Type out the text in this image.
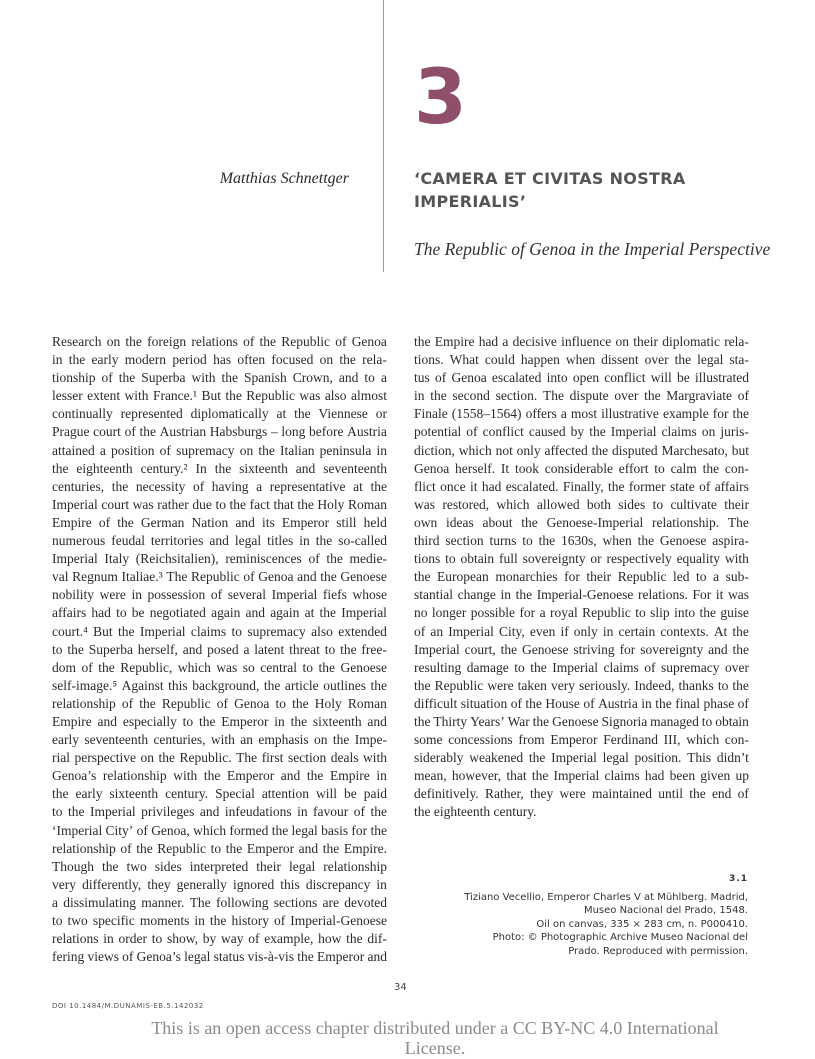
3
Matthias Schnettger	‘CAMERA ET CIVITAS NOSTRA IMPERIALIS’
The Republic of Genoa in the Imperial Perspective
Research on the foreign relations of the Republic of Genoa
in the early modern period has often focused on the rela-
tionship of the Superba with the Spanish Crown, and to a
lesser extent with France.¹ But the Republic was also almost
continually represented diplomatically at the Viennese or
Prague court of the Austrian Habsburgs – long before Austria
attained a position of supremacy on the Italian peninsula in
the eighteenth century.² In the sixteenth and seventeenth
centuries, the necessity of having a representative at the
Imperial court was rather due to the fact that the Holy Roman
Empire of the German Nation and its Emperor still held
numerous feudal territories and legal titles in the so-called
Imperial Italy (Reichsitalien), reminiscences of the medie-
val Regnum Italiae.³ The Republic of Genoa and the Genoese
nobility were in possession of several Imperial fiefs whose
affairs had to be negotiated again and again at the Imperial
court.⁴ But the Imperial claims to supremacy also extended
to the Superba herself, and posed a latent threat to the free-
dom of the Republic, which was so central to the Genoese
self-image.⁵ Against this background, the article outlines the
relationship of the Republic of Genoa to the Holy Roman
Empire and especially to the Emperor in the sixteenth and
early seventeenth centuries, with an emphasis on the Impe-
rial perspective on the Republic. The first section deals with
Genoa’s relationship with the Emperor and the Empire in
the early sixteenth century. Special attention will be paid
to the Imperial privileges and infeudations in favour of the
‘Imperial City’ of Genoa, which formed the legal basis for the
relationship of the Republic to the Emperor and the Empire.
Though the two sides interpreted their legal relationship
very differently, they generally ignored this discrepancy in
a dissimulating manner. The following sections are devoted
to two specific moments in the history of Imperial-Genoese
relations in order to show, by way of example, how the dif-
fering views of Genoa’s legal status vis-à-vis the Emperor and
the Empire had a decisive influence on their diplomatic rela-
tions. What could happen when dissent over the legal sta-
tus of Genoa escalated into open conflict will be illustrated
in the second section. The dispute over the Margraviate of
Finale (1558–1564) offers a most illustrative example for the
potential of conflict caused by the Imperial claims on juris-
diction, which not only affected the disputed Marchesato, but
Genoa herself. It took considerable effort to calm the con-
flict once it had escalated. Finally, the former state of affairs
was restored, which allowed both sides to cultivate their
own ideas about the Genoese-Imperial relationship. The
third section turns to the 1630s, when the Genoese aspira-
tions to obtain full sovereignty or respectively equality with
the European monarchies for their Republic led to a sub-
stantial change in the Imperial-Genoese relations. For it was
no longer possible for a royal Republic to slip into the guise
of an Imperial City, even if only in certain contexts. At the
Imperial court, the Genoese striving for sovereignty and the
resulting damage to the Imperial claims of supremacy over
the Republic were taken very seriously. Indeed, thanks to the
difficult situation of the House of Austria in the final phase of
the Thirty Years’ War the Genoese Signoria managed to obtain
some concessions from Emperor Ferdinand III, which con-
siderably weakened the Imperial legal position. This didn’t
mean, however, that the Imperial claims had been given up
definitively. Rather, they were maintained until the end of
the eighteenth century.
3.1
Tiziano Vecellio, Emperor Charles V at Mühlberg. Madrid,
Museo Nacional del Prado, 1548.
Oil on canvas, 335 × 283 cm, n. P000410.
Photo: © Photographic Archive Museo Nacional del
Prado. Reproduced with permission.
34
DOI 10.1484/M.DUNAMIS-EB.5.142032
This is an open access chapter distributed under a CC BY-NC 4.0 International License.
